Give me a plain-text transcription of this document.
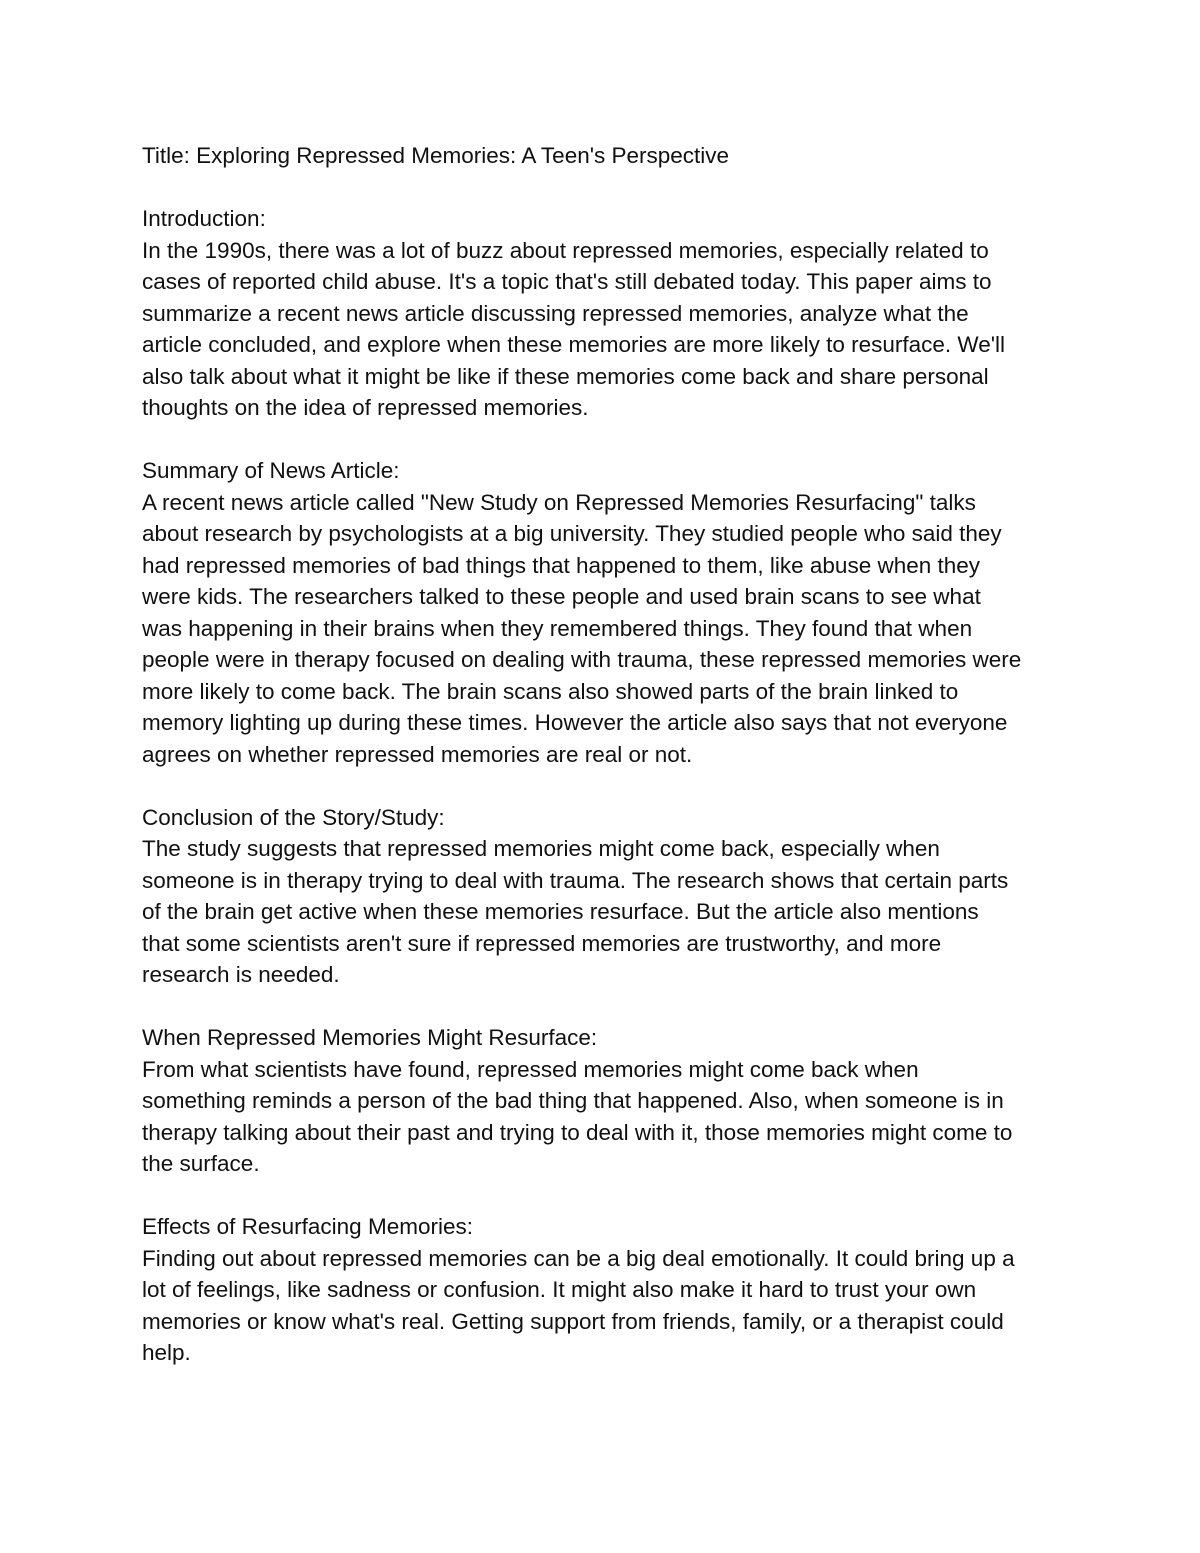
Title: Exploring Repressed Memories: A Teen's Perspective
Introduction:
In the 1990s, there was a lot of buzz about repressed memories, especially related to
cases of reported child abuse. It's a topic that's still debated today. This paper aims to
summarize a recent news article discussing repressed memories, analyze what the
article concluded, and explore when these memories are more likely to resurface. We'll
also talk about what it might be like if these memories come back and share personal
thoughts on the idea of repressed memories.
Summary of News Article:
A recent news article called "New Study on Repressed Memories Resurfacing" talks
about research by psychologists at a big university. They studied people who said they
had repressed memories of bad things that happened to them, like abuse when they
were kids. The researchers talked to these people and used brain scans to see what
was happening in their brains when they remembered things. They found that when
people were in therapy focused on dealing with trauma, these repressed memories were
more likely to come back. The brain scans also showed parts of the brain linked to
memory lighting up during these times. However the article also says that not everyone
agrees on whether repressed memories are real or not.
Conclusion of the Story/Study:
The study suggests that repressed memories might come back, especially when
someone is in therapy trying to deal with trauma. The research shows that certain parts
of the brain get active when these memories resurface. But the article also mentions
that some scientists aren't sure if repressed memories are trustworthy, and more
research is needed.
When Repressed Memories Might Resurface:
From what scientists have found, repressed memories might come back when
something reminds a person of the bad thing that happened. Also, when someone is in
therapy talking about their past and trying to deal with it, those memories might come to
the surface.
Effects of Resurfacing Memories:
Finding out about repressed memories can be a big deal emotionally. It could bring up a
lot of feelings, like sadness or confusion. It might also make it hard to trust your own
memories or know what's real. Getting support from friends, family, or a therapist could
help.
